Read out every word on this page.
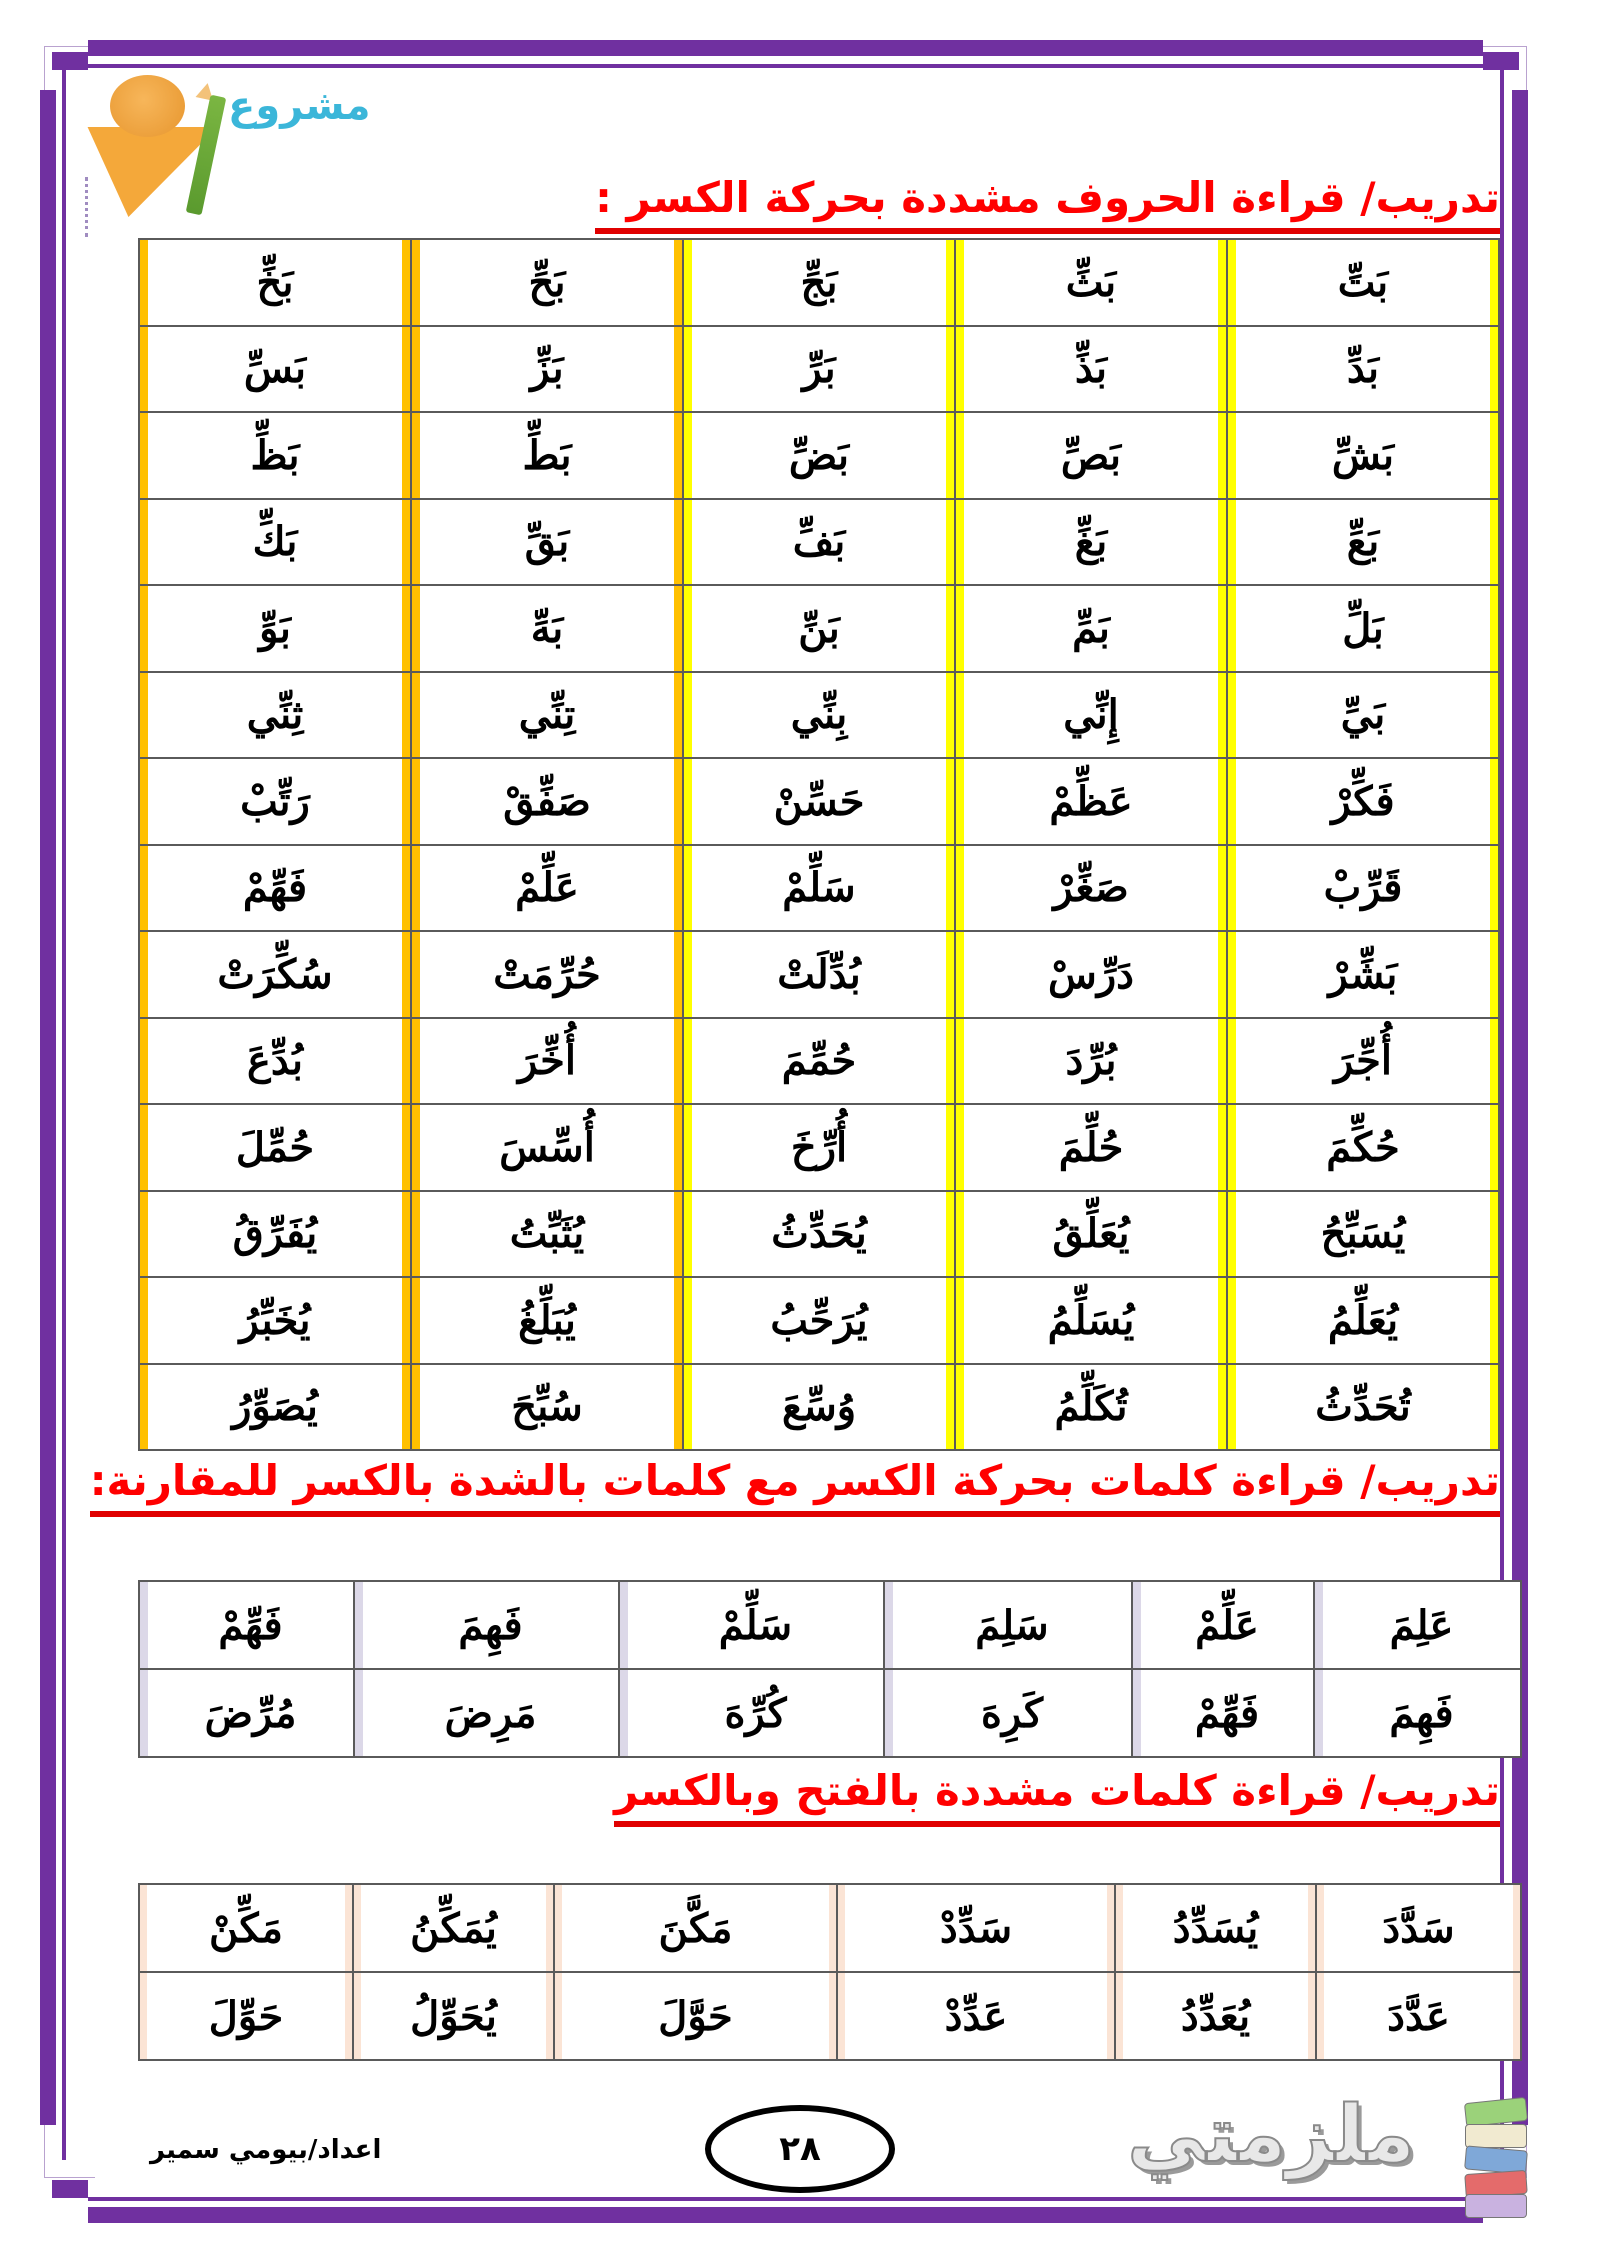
مشروع
تدريب/ قراءة الحروف مشددة بحركة الكسر :
بَتِّ	بَثِّ	بَجِّ	بَحِّ	بَخِّ
بَدِّ	بَذِّ	بَرِّ	بَزِّ	بَسِّ
بَشِّ	بَصِّ	بَضِّ	بَطِّ	بَظِّ
بَعِّ	بَغِّ	بَفِّ	بَقِّ	بَكِّ
بَلِّ	بَمِّ	بَنِّ	بَهِّ	بَوِّ
بَيِّ	إِنِّي	بِنِّي	تِنِّي	ثِنِّي
فَكِّرْ	عَظِّمْ	حَسِّنْ	صَفِّقْ	رَتِّبْ
قَرِّبْ	صَغِّرْ	سَلِّمْ	عَلِّمْ	فَهِّمْ
بَشِّرْ	دَرِّسْ	بُدِّلَتْ	حُرِّمَتْ	سُكِّرَتْ
أُجِّرَ	بُرِّدَ	حُمِّمَ	أُخِّرَ	بُدِّعَ
حُكِّمَ	حُلِّمَ	أُرِّخَ	أُسِّسَ	حُمِّلَ
يُسَبِّحُ	يُعَلِّقُ	يُحَدِّثُ	يُثَبِّتُ	يُفَرِّقُ
يُعَلِّمُ	يُسَلِّمُ	يُرَحِّبُ	يُبَلِّغُ	يُخَبِّرُ
تُحَدِّثُ	تُكَلِّمُ	وُسِّعَ	سُبِّحَ	يُصَوِّرُ
تدريب/ قراءة كلمات بحركة الكسر مع كلمات بالشدة بالكسر للمقارنة:
عَلِمَ	عَلِّمْ	سَلِمَ	سَلِّمْ	فَهِمَ	فَهِّمْ
فَهِمَ	فَهِّمْ	كَرِهَ	كُرِّهَ	مَرِضَ	مُرِّضَ
تدريب/ قراءة كلمات مشددة بالفتح وبالكسر
سَدَّدَ	يُسَدِّدُ	سَدِّدْ	مَكَّنَ	يُمَكِّنُ	مَكِّنْ
عَدَّدَ	يُعَدِّدُ	عَدِّدْ	حَوَّلَ	يُحَوِّلُ	حَوِّلَ
اعداد/بيومي سمير	٢٨	ملزمتي
